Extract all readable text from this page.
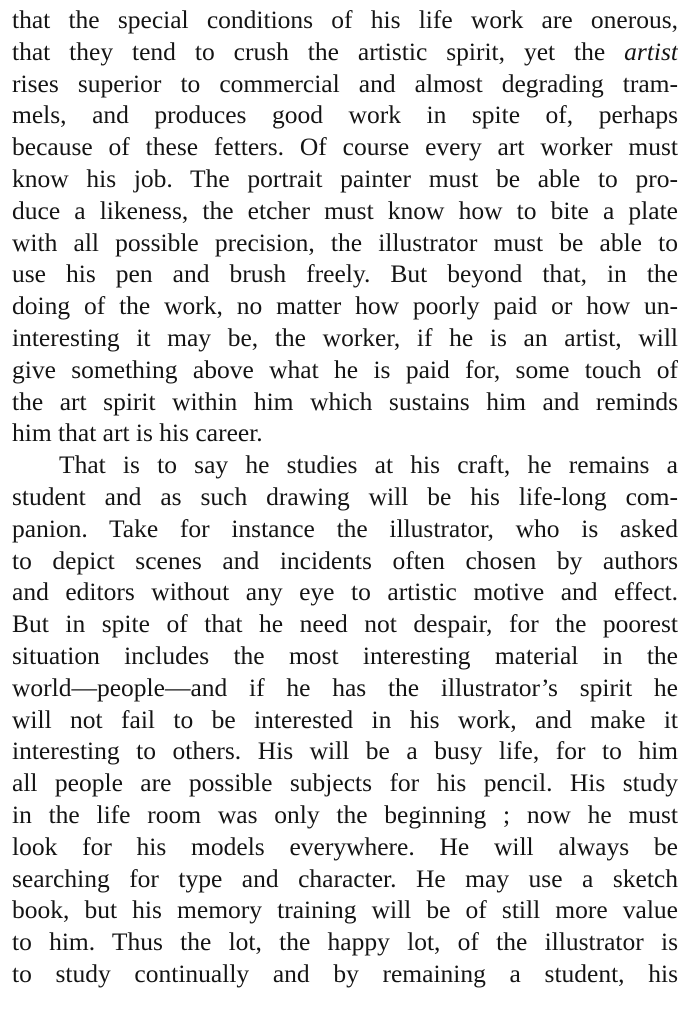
that the special conditions of his life work are onerous,
that they tend to crush the artistic spirit, yet the artist
rises superior to commercial and almost degrading tram-
mels, and produces good work in spite of, perhaps
because of these fetters. Of course every art worker must
know his job. The portrait painter must be able to pro-
duce a likeness, the etcher must know how to bite a plate
with all possible precision, the illustrator must be able to
use his pen and brush freely. But beyond that, in the
doing of the work, no matter how poorly paid or how un-
interesting it may be, the worker, if he is an artist, will
give something above what he is paid for, some touch of
the art spirit within him which sustains him and reminds
him that art is his career.
That is to say he studies at his craft, he remains a
student and as such drawing will be his life-long com-
panion. Take for instance the illustrator, who is asked
to depict scenes and incidents often chosen by authors
and editors without any eye to artistic motive and effect.
But in spite of that he need not despair, for the poorest
situation includes the most interesting material in the
world—people—and if he has the illustrator’s spirit he
will not fail to be interested in his work, and make it
interesting to others. His will be a busy life, for to him
all people are possible subjects for his pencil. His study
in the life room was only the beginning ; now he must
look for his models everywhere. He will always be
searching for type and character. He may use a sketch
book, but his memory training will be of still more value
to him. Thus the lot, the happy lot, of the illustrator is
to study continually and by remaining a student, his
